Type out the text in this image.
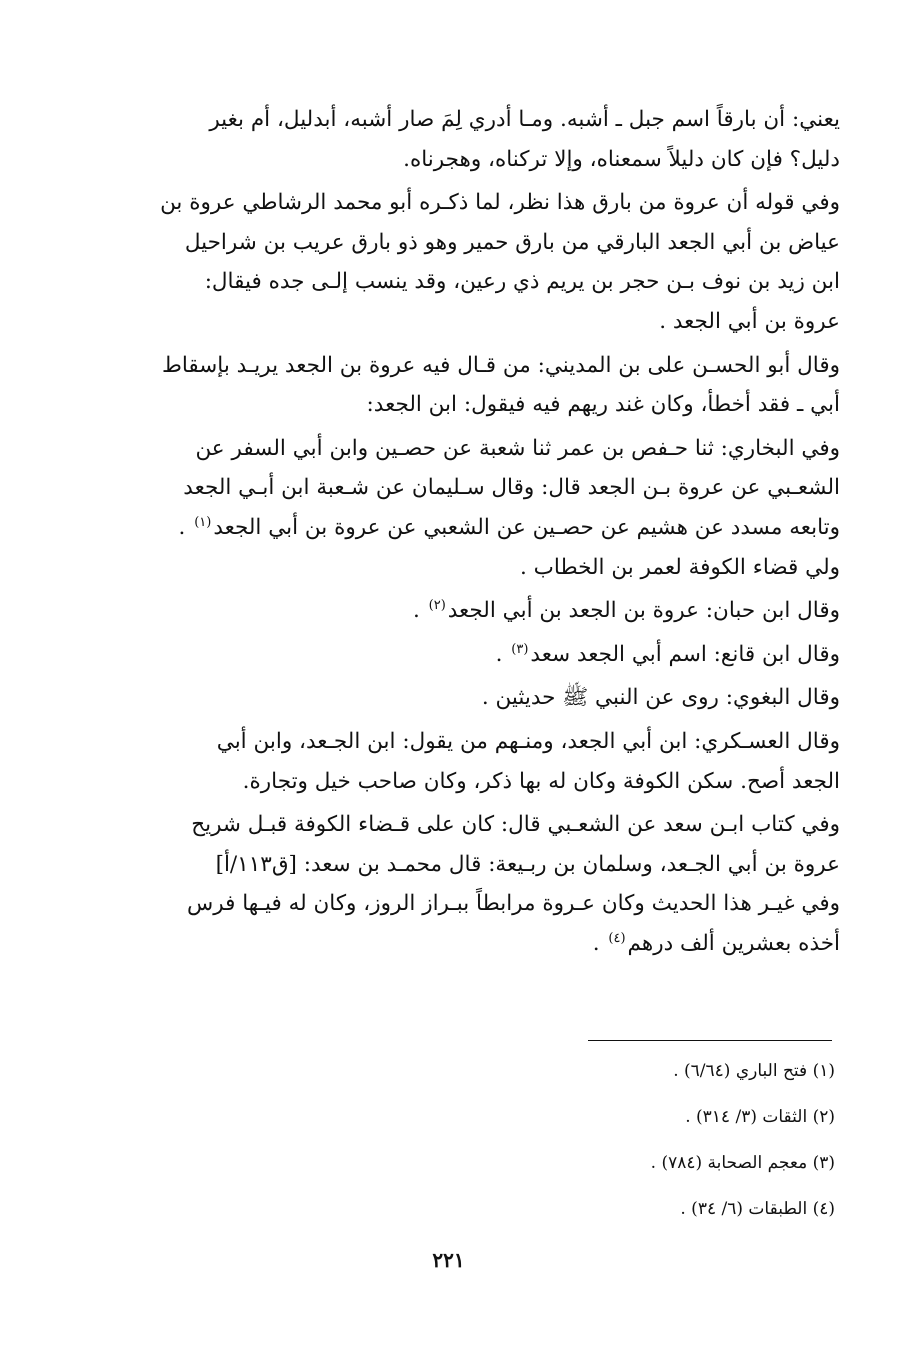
يعني: أن بارقاً اسم جبل ـ أشبه. ومـا أدري لِمَ صار أشبه، أبدليل، أم بغير
دليل؟ فإن كان دليلاً سمعناه، وإلا تركناه، وهجرناه.

وفي قوله أن عروة من بارق هذا نظر، لما ذكـره أبو محمد الرشاطي عروة بن
عياض بن أبي الجعد البارقي من بارق حمير وهو ذو بارق عريب بن شراحيل
ابن زيد بن نوف بـن حجر بن يريم ذي رعين، وقد ينسب إلـى جده فيقال:
عروة بن أبي الجعد .

وقال أبو الحسـن على بن المديني: من قـال فيه عروة بن الجعد يريـد بإسقاط
أبي ـ فقد أخطأ، وكان غند ريهم فيه فيقول: ابن الجعد:

وفي البخاري: ثنا حـفص بن عمر ثنا شعبة عن حصـين وابن أبي السفر عن
الشعـبي عن عروة بـن الجعد قال: وقال سـليمان عن شـعبة ابن أبـي الجعد
وتابعه مسدد عن هشيم عن حصـين عن الشعبي عن عروة بن أبي الجعد$^{(١)}$ .
ولي قضاء الكوفة لعمر بن الخطاب .

وقال ابن حبان: عروة بن الجعد بن أبي الجعد$^{(٢)}$ .

وقال ابن قانع: اسم أبي الجعد سعد$^{(٣)}$ .

وقال البغوي: روى عن النبي ﷺ حديثين .

وقال العسـكري: ابن أبي الجعد، ومنـهم من يقول: ابن الجـعد، وابن أبي
الجعد أصح. سكن الكوفة وكان له بها ذكر، وكان صاحب خيل وتجارة.

وفي كتاب ابـن سعد عن الشعـبي قال: كان على قـضاء الكوفة قبـل شريح
عروة بن أبي الجـعد، وسلمان بن ربـيعة: قال محمـد بن سعد: [ق١١٣/أ]
وفي غيـر هذا الحديث وكان عـروة مرابطاً ببـراز الروز، وكان له فيـها فرس
أخذه بعشرين ألف درهم$^{(٤)}$ .

(١) فتح الباري (٦/٦٤) .

(٢) الثقات (٣/ ٣١٤) .

(٣) معجم الصحابة (٧٨٤) .

(٤) الطبقات (٦/ ٣٤) .

٢٢١
